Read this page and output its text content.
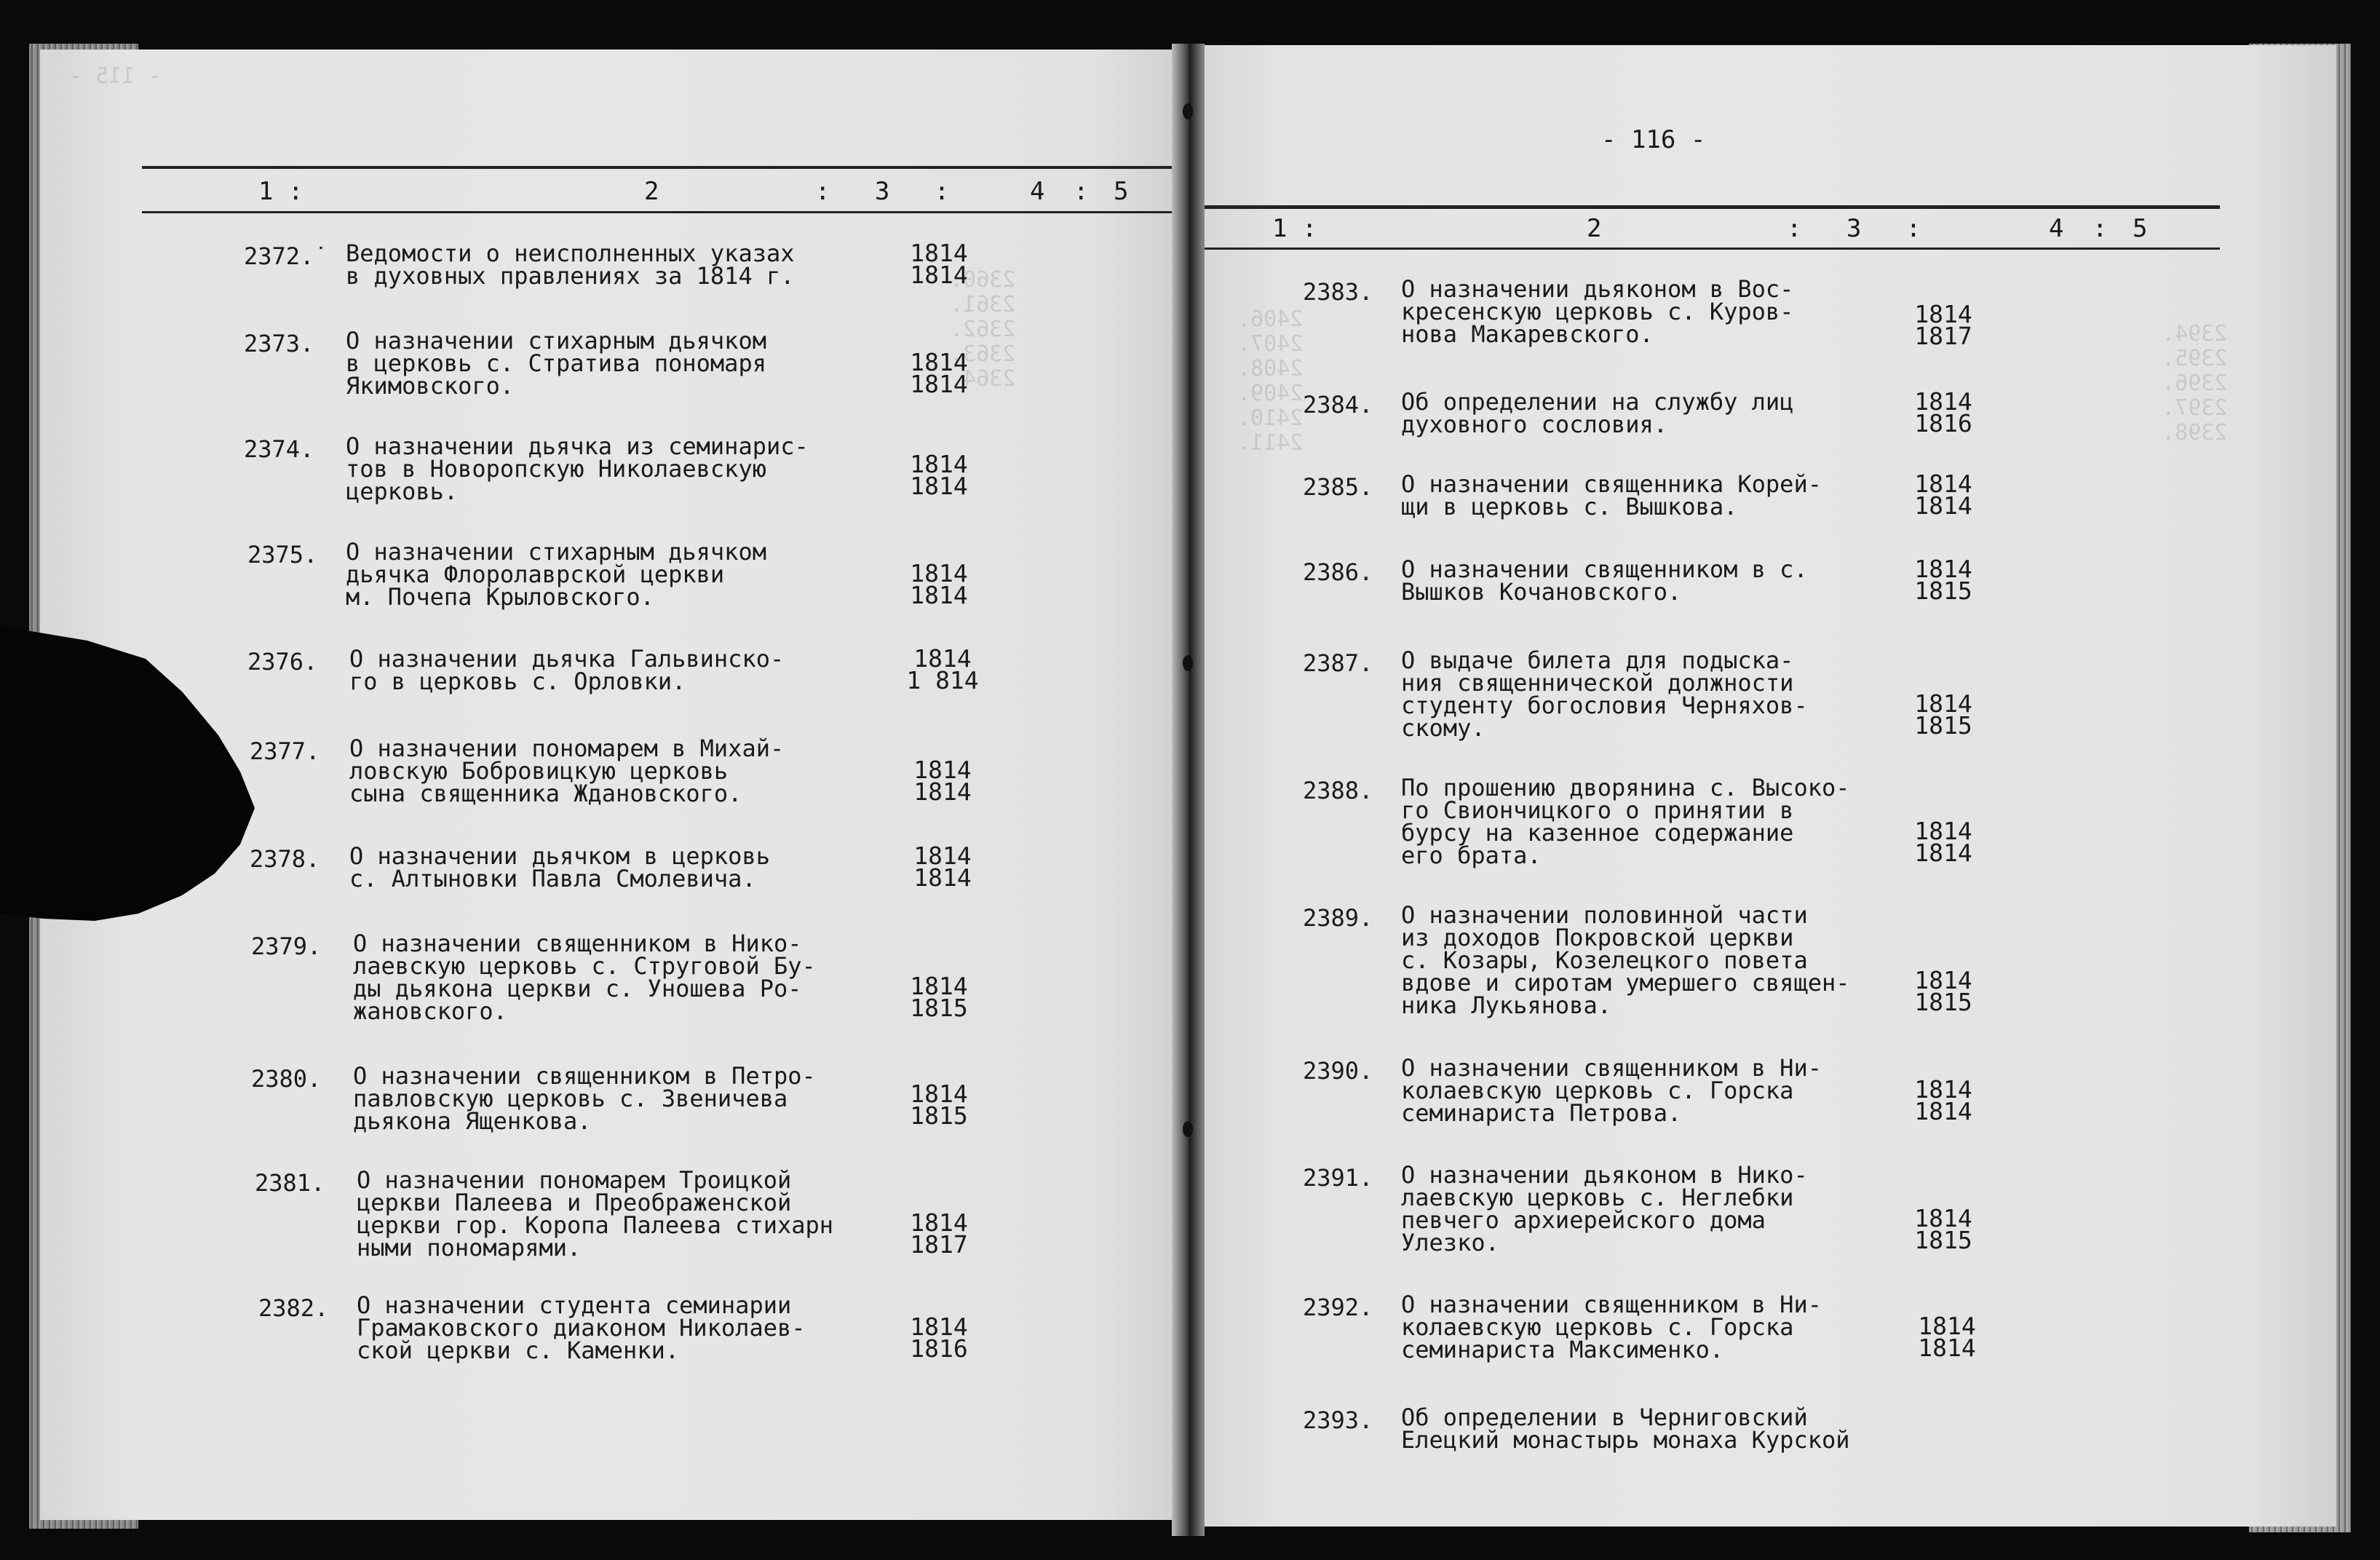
- 115 -
2360.
2361.
2362.
2363.
2364.
1 :	2	:   3   :	4 : 5
2372.˙ Ведомости о неисполненных указах
в духовных правлениях за 1814 г.
1814
1814
2373. О назначении стихарным дьячком
в церковь с. Стратива пономаря
Якимовского.
1814
1814
2374. О назначении дьячка из семинарис-
тов в Новоропскую Николаевскую
церковь.
1814
1814
2375. О назначении стихарным дьячком
дьячка Флоролаврской церкви
м. Почепа Крыловского.
1814
1814
2376. О назначении дьячка Гальвинско-
го в церковь с. Орловки.
1814
1 814
2377. О назначении пономарем в Михай-
ловскую Бобровицкую церковь
сына священника Ждановского.
1814
1814
2378. О назначении дьячком в церковь
с. Алтыновки Павла Смолевича.
1814
1814
2379. О назначении священником в Нико-
лаевскую церковь с. Струговой Бу-
ды дьякона церкви с. Уношева Ро-
жановского.
1814
1815
2380. О назначении священником в Петро-
павловскую церковь с. Звеничева
дьякона Ященкова.
1814
1815
2381. О назначении пономарем Троицкой
церкви Палеева и Преображенской
церкви гор. Коропа Палеева стихарн
ными пономарями.
1814
1817
2382. О назначении студента семинарии
Грамаковского диаконом Николаев-
ской церкви с. Каменки.
1814
1816
2406.
2407.
2408.
2409.
2410.
2411.
2394.
2395.
2396.
2397.
2398.
- 116 -
1 :	2	:   3   :	4 : 5
2383. О назначении дьяконом в Вос-
кресенскую церковь с. Куров-
нова Макаревского.
1814
1817
2384. Об определении на службу лиц
духовного сословия.
1814
1816
2385. О назначении священника Корей-
щи в церковь с. Вышкова.
1814
1814
2386. О назначении священником в с.
Вышков Кочановского.
1814
1815
2387. О выдаче билета для подыска-
ния священнической должности
студенту богословия Черняхов-
скому.
1814
1815
2388. По прошению дворянина с. Высоко-
го Свиончицкого о принятии в
бурсу на казенное содержание
его брата.
1814
1814
2389. О назначении половинной части
из доходов Покровской церкви
с. Козары, Козелецкого повета
вдове и сиротам умершего священ-
ника Лукьянова.
1814
1815
2390. О назначении священником в Ни-
колаевскую церковь с. Горска
семинариста Петрова.
1814
1814
2391. О назначении дьяконом в Нико-
лаевскую церковь с. Неглебки
певчего архиерейского дома
Улезко.
1814
1815
2392. О назначении священником в Ни-
колаевскую церковь с. Горска
семинариста Максименко.
1814
1814
2393. Об определении в Черниговский
Елецкий монастырь монаха Курской
